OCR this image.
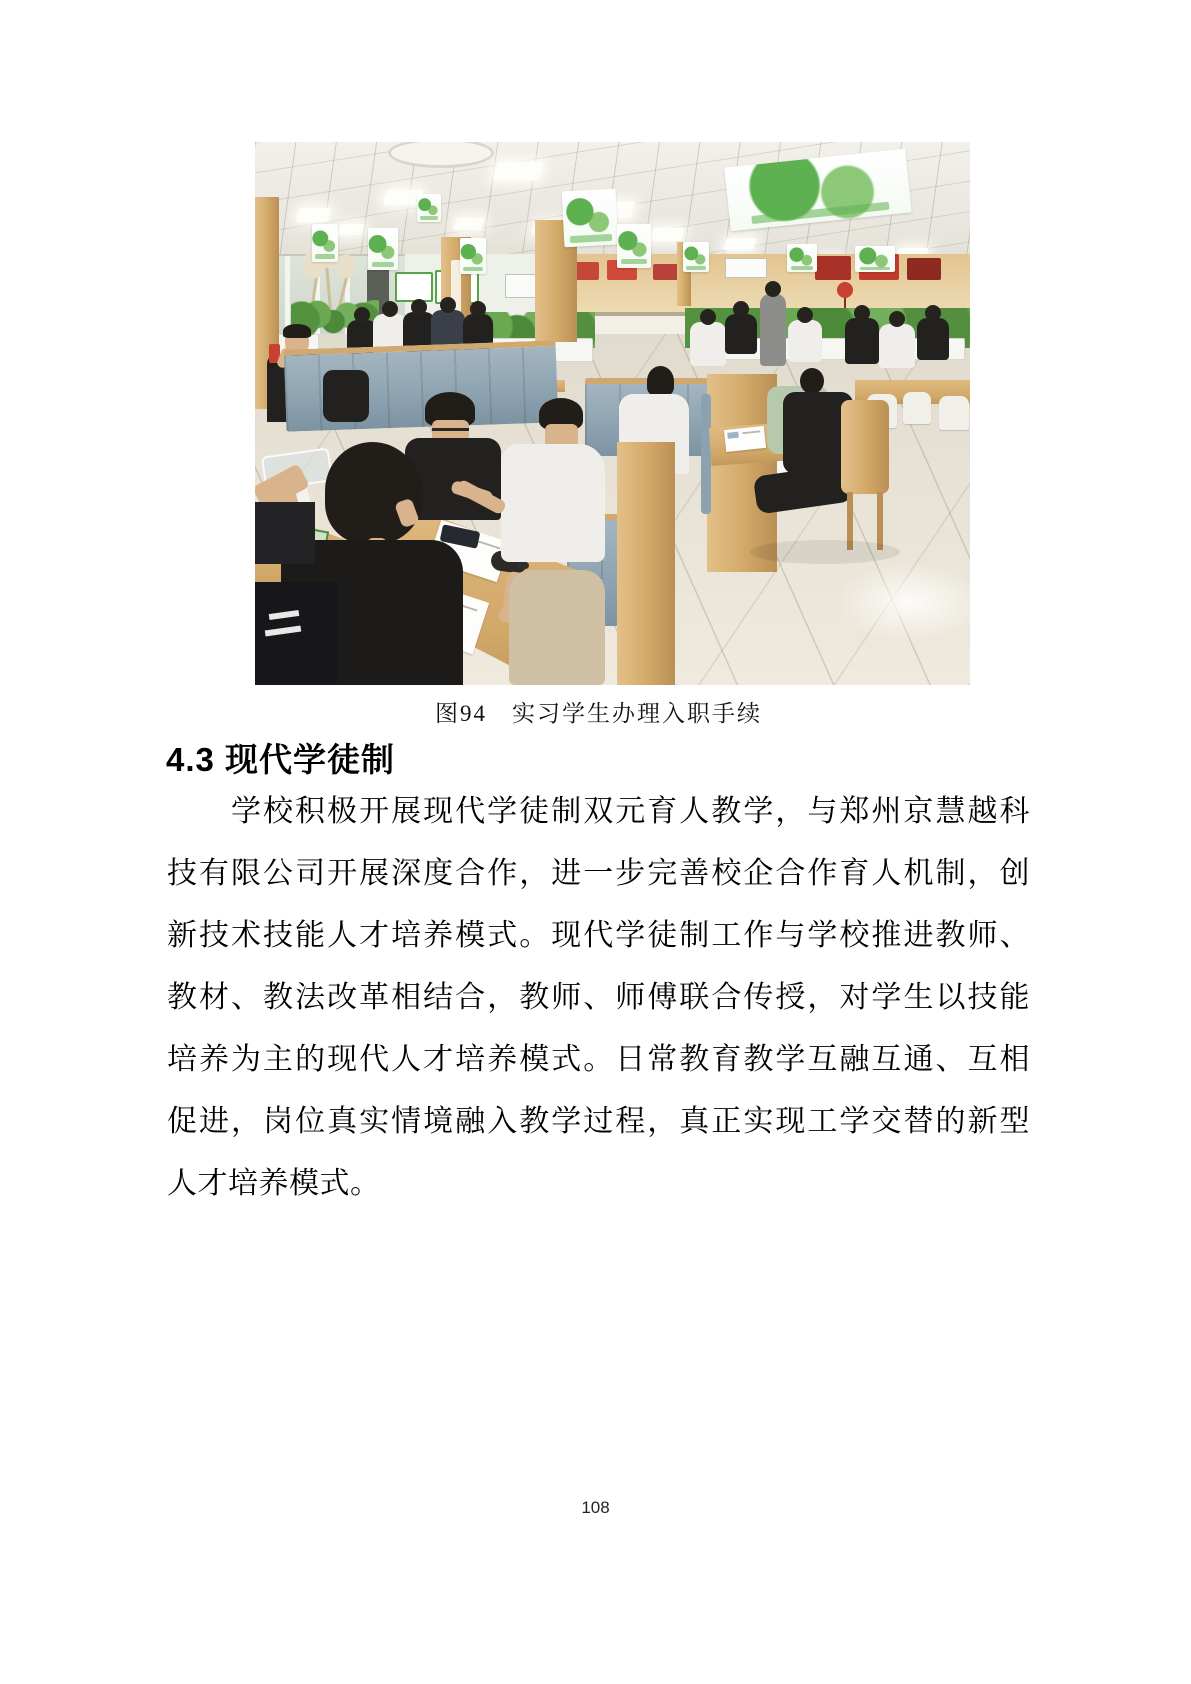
图94　实习学生办理入职手续
4.3 现代学徒制
学校积极开展现代学徒制双元育人教学，与郑州京慧越科
技有限公司开展深度合作，进一步完善校企合作育人机制，创
新技术技能人才培养模式。现代学徒制工作与学校推进教师、
教材、教法改革相结合，教师、师傅联合传授，对学生以技能
培养为主的现代人才培养模式。日常教育教学互融互通、互相
促进，岗位真实情境融入教学过程，真正实现工学交替的新型
人才培养模式。
108
